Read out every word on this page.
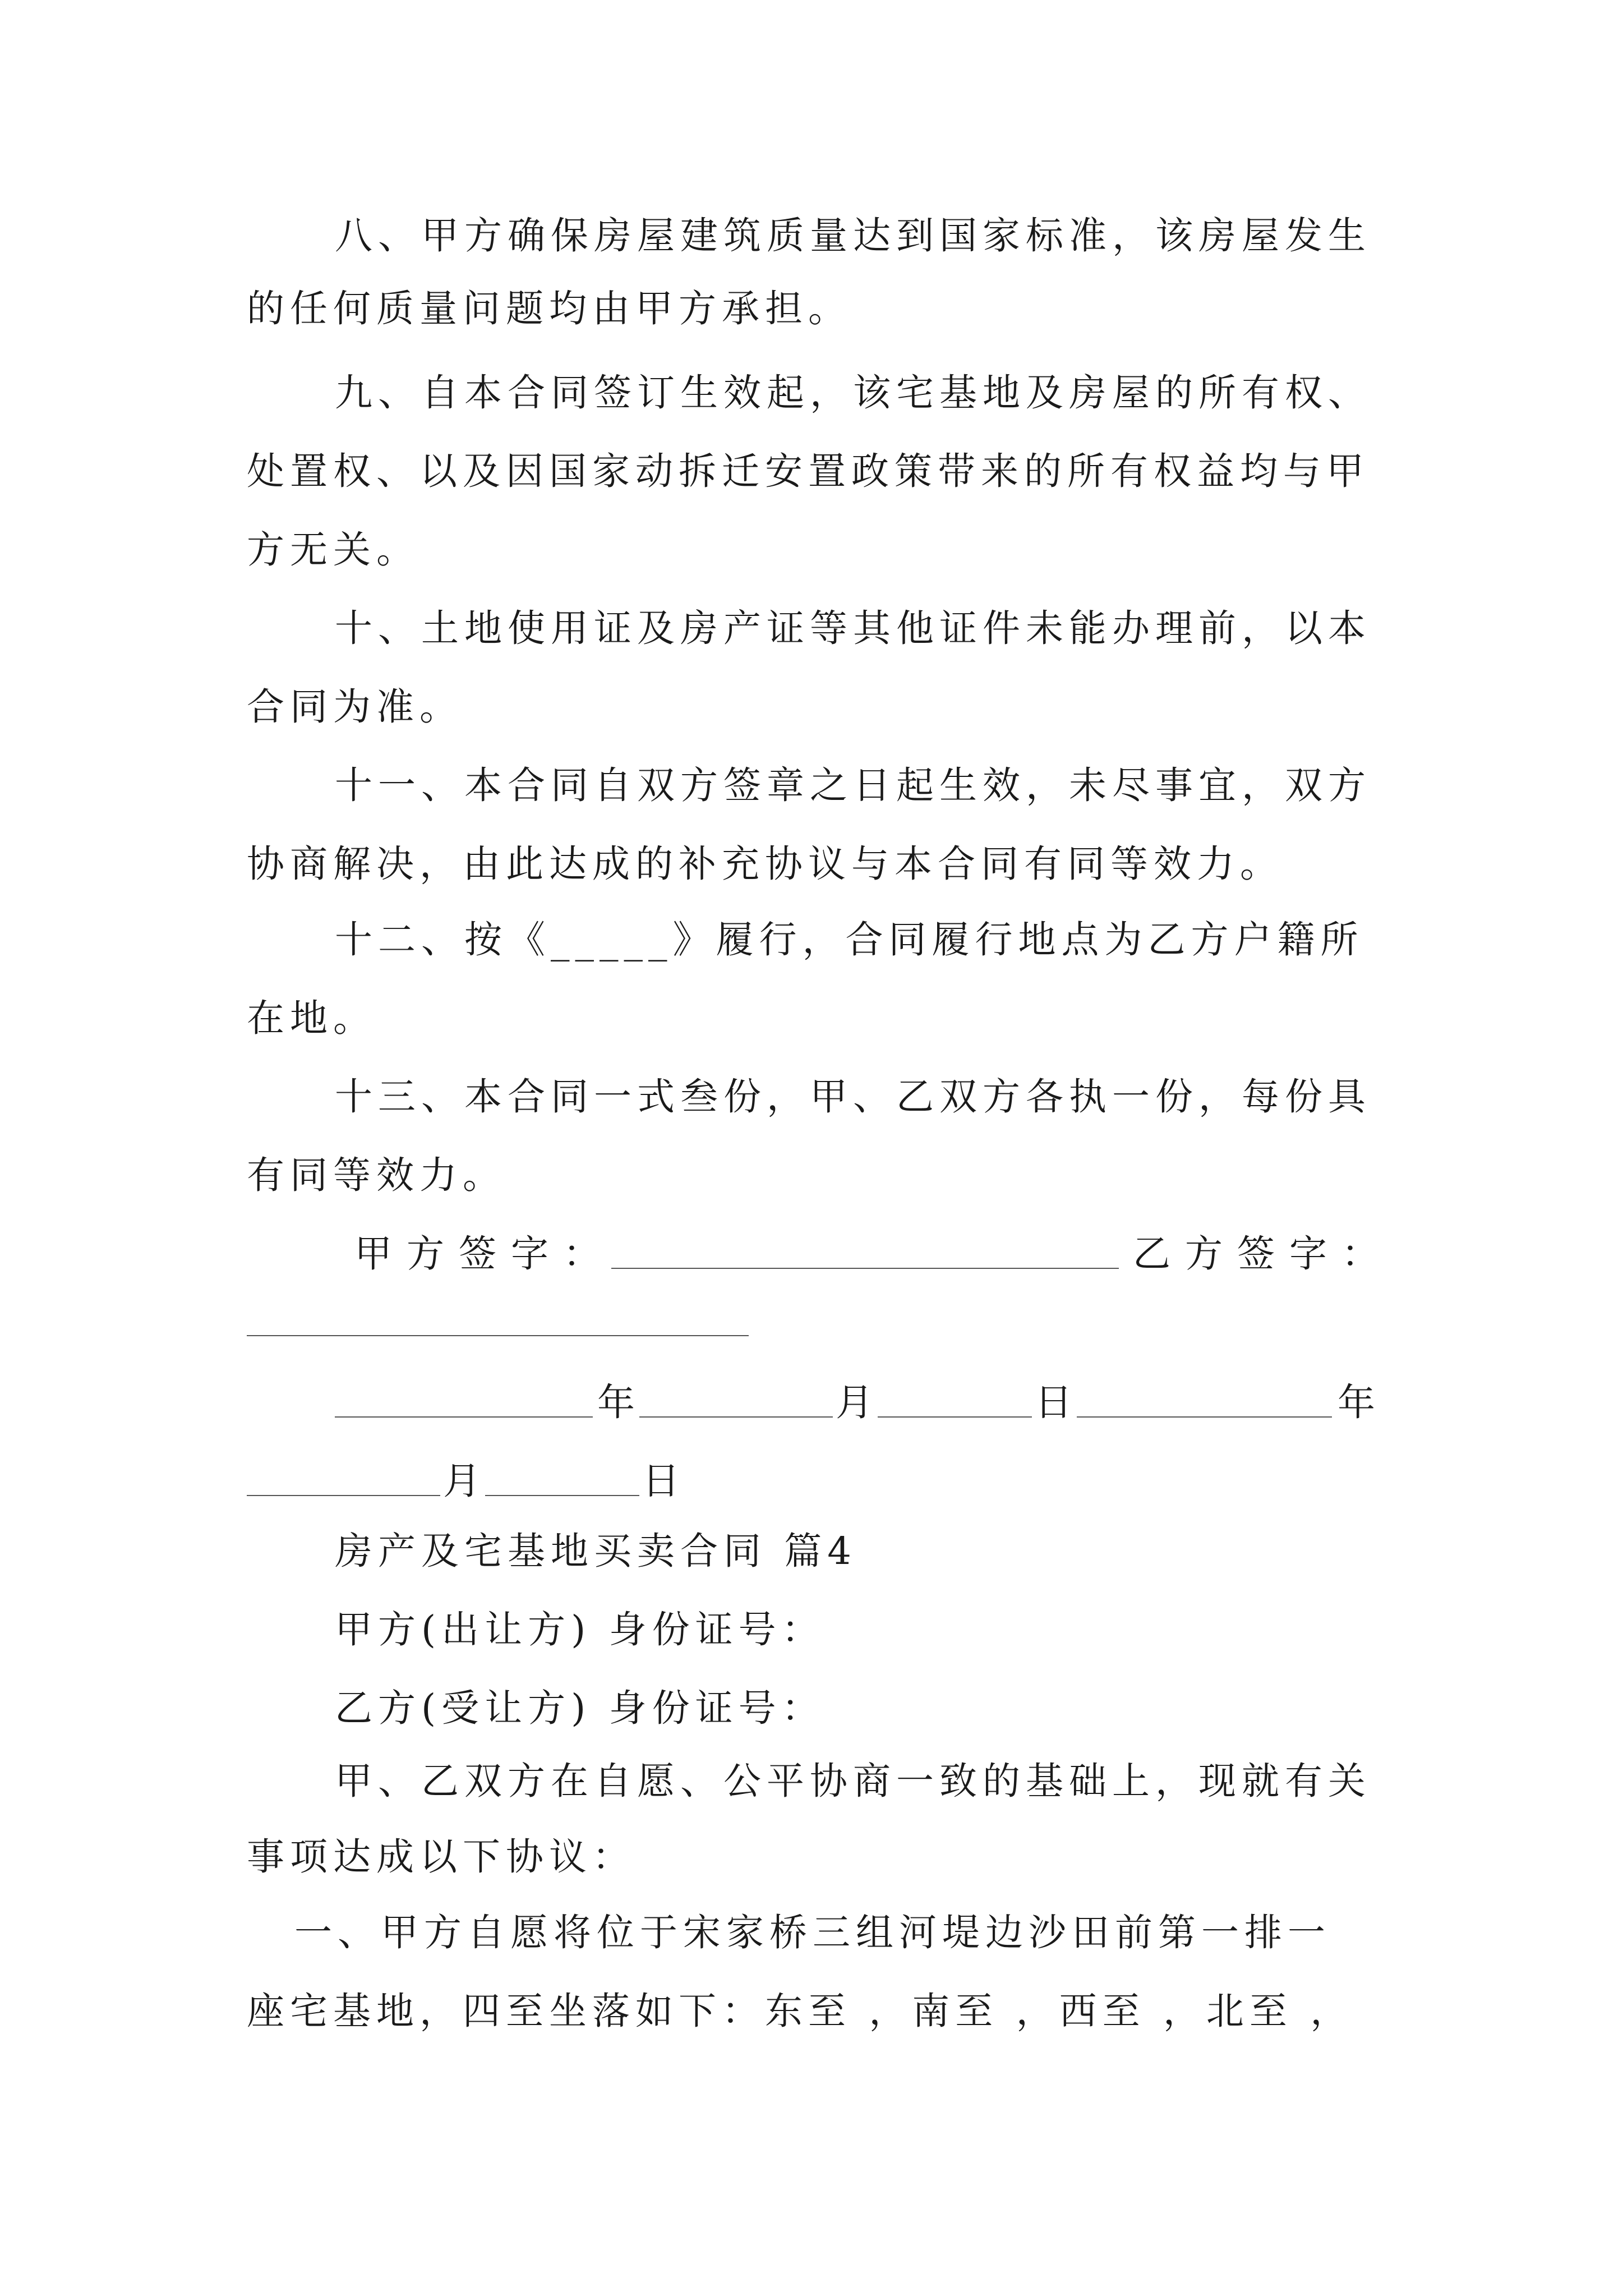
八、甲方确保房屋建筑质量达到国家标准，该房屋发生
的任何质量问题均由甲方承担。
九、自本合同签订生效起，该宅基地及房屋的所有权、
处置权、以及因国家动拆迁安置政策带来的所有权益均与甲
方无关。
十、土地使用证及房产证等其他证件未能办理前，以本
合同为准。
十一、本合同自双方签章之日起生效，未尽事宜，双方
协商解决，由此达成的补充协议与本合同有同等效力。
十二、按《_____》履行，合同履行地点为乙方户籍所
在地。
十三、本合同一式叁份，甲、乙双方各执一份，每份具
有同等效力。
甲方签字：	乙方签字：
年	月	日	年
月	日
房产及宅基地买卖合同 篇4
甲方(出让方) 身份证号：
乙方(受让方) 身份证号：
甲、乙双方在自愿、公平协商一致的基础上，现就有关
事项达成以下协议：
一、甲方自愿将位于宋家桥三组河堤边沙田前第一排一
座宅基地，四至坐落如下：东至 ，南至 ，西至 ，北至 ，
